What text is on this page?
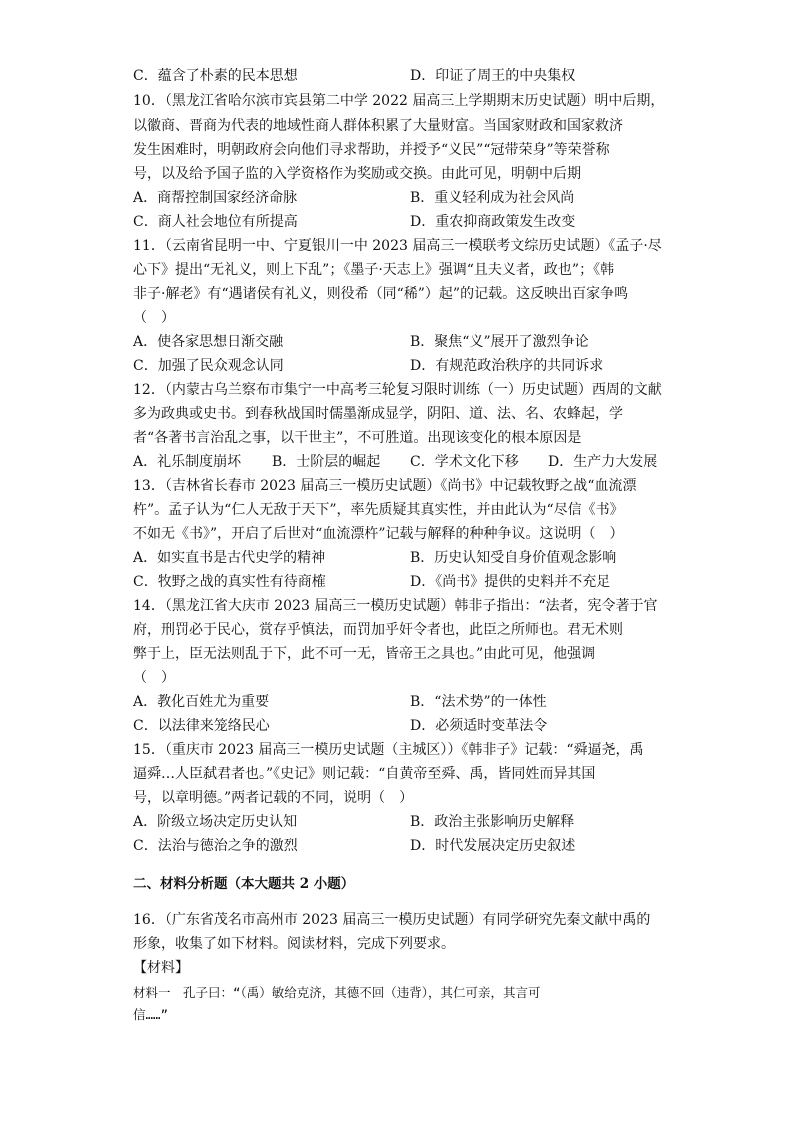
C．蕴含了朴素的民本思想	D．印证了周王的中央集权
10．（黑龙江省哈尔滨市宾县第二中学 2022 届高三上学期期末历史试题）明中后期，
以徽商、晋商为代表的地域性商人群体积累了大量财富。当国家财政和国家救济
发生困难时，明朝政府会向他们寻求帮助，并授予“义民”“冠带荣身”等荣誉称
号，以及给予国子监的入学资格作为奖励或交换。由此可见，明朝中后期
A．商帮控制国家经济命脉	B．重义轻利成为社会风尚
C．商人社会地位有所提高	D．重农抑商政策发生改变
11．（云南省昆明一中、宁夏银川一中 2023 届高三一模联考文综历史试题）《孟子·尽
心下》提出“无礼义，则上下乱”；《墨子·天志上》强调“且夫义者，政也”；《韩
非子·解老》有“遇诸侯有礼义，则役希（同“稀”）起”的记载。这反映出百家争鸣
（　）
A．使各家思想日渐交融	B．聚焦“义”展开了激烈争论
C．加强了民众观念认同	D．有规范政治秩序的共同诉求
12．（内蒙古乌兰察布市集宁一中高考三轮复习限时训练（一）历史试题）西周的文献
多为政典或史书。到春秋战国时儒墨渐成显学，阴阳、道、法、名、农蜂起，学
者“各著书言治乱之事，以干世主”，不可胜道。出现该变化的根本原因是
A．礼乐制度崩坏 B．士阶层的崛起 C．学术文化下移 D．生产力大发展
13．（吉林省长春市 2023 届高三一模历史试题）《尚书》中记载牧野之战“血流漂
杵”。孟子认为“仁人无敌于天下”，率先质疑其真实性，并由此认为“尽信《书》
不如无《书》”，开启了后世对“血流漂杵”记载与解释的种种争议。这说明（　）
A．如实直书是古代史学的精神	B．历史认知受自身价值观念影响
C．牧野之战的真实性有待商榷	D．《尚书》提供的史料并不充足
14．（黑龙江省大庆市 2023 届高三一模历史试题）韩非子指出：“法者，宪令著于官
府，刑罚必于民心，赏存乎慎法，而罚加乎奸令者也，此臣之所师也。君无术则
弊于上，臣无法则乱于下，此不可一无，皆帝王之具也。”由此可见，他强调
（　）
A．教化百姓尤为重要	B．“法术势”的一体性
C．以法律来笼络民心	D．必须适时变革法令
15．（重庆市 2023 届高三一模历史试题（主城区））《韩非子》记载：“舜逼尧，禹
逼舜…人臣弑君者也。”《史记》则记载：“自黄帝至舜、禹，皆同姓而异其国
号，以章明德。”两者记载的不同，说明（　）
A．阶级立场决定历史认知	B．政治主张影响历史解释
C．法治与德治之争的激烈	D．时代发展决定历史叙述
二、材料分析题（本大题共 2 小题）
16．（广东省茂名市高州市 2023 届高三一模历史试题）有同学研究先秦文献中禹的
形象，收集了如下材料。阅读材料，完成下列要求。
【材料】
材料一　孔子曰：“（禹）敏给克济，其德不回（违背），其仁可亲，其言可
信……”
